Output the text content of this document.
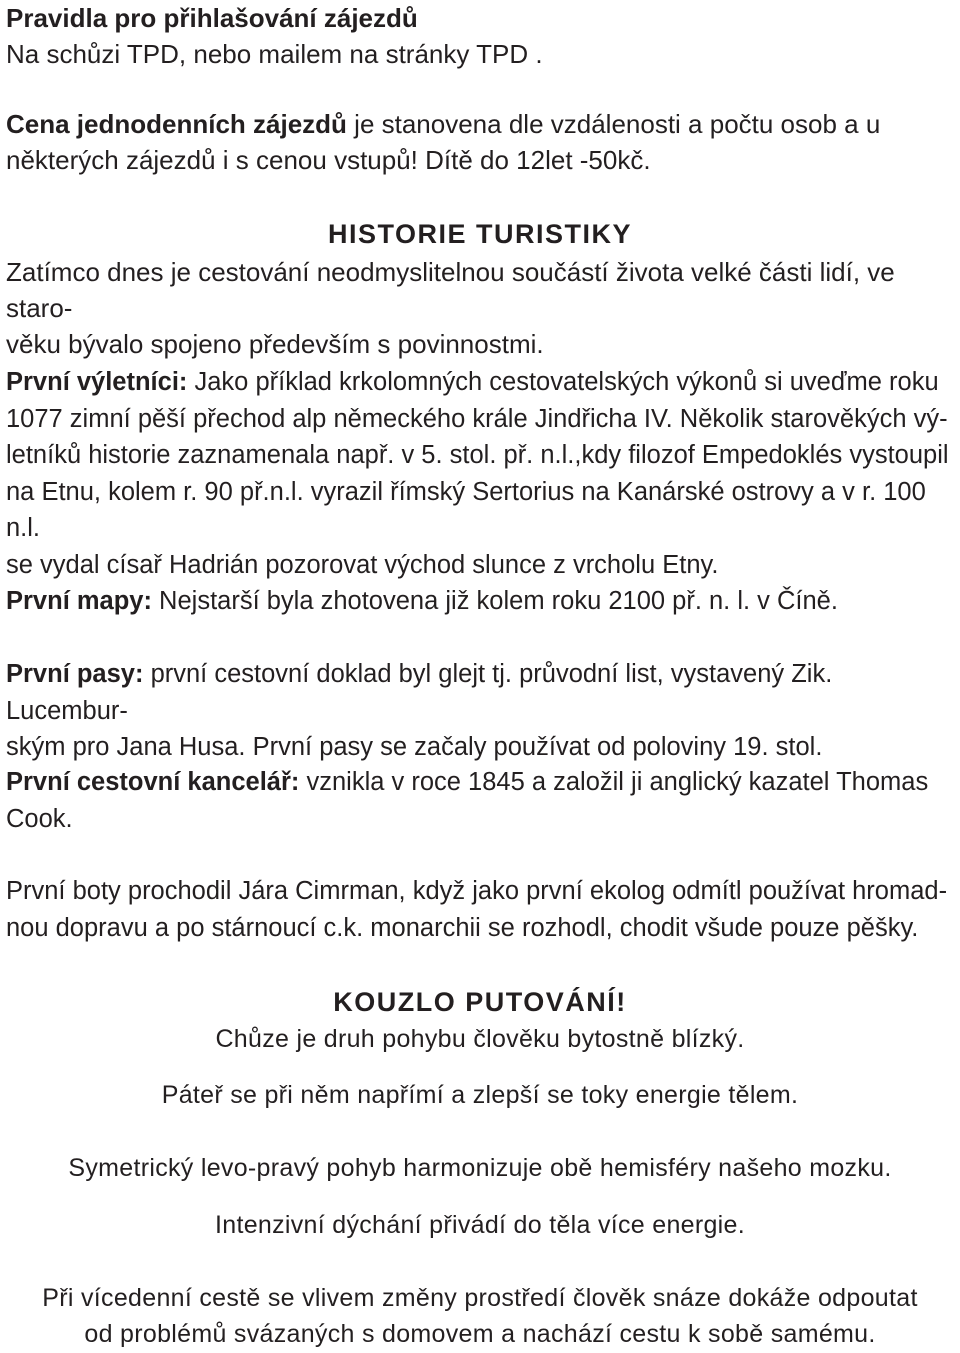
Pravidla pro přihlašování zájezdů

Na schůzi TPD, nebo mailem na stránky TPD .

Cena jednodenních zájezdů je stanovena dle vzdálenosti a počtu osob a u

některých zájezdů i s cenou vstupů! Dítě do 12let -50kč.

HISTORIE TURISTIKY

Zatímco dnes je cestování neodmyslitelnou součástí života velké části lidí, ve staro-

věku bývalo spojeno především s povinnostmi.

První výletníci: Jako příklad krkolomných cestovatelských výkonů si uveďme roku

1077 zimní pěší přechod alp německého krále Jindřicha IV. Několik starověkých vý-

letníků historie zaznamenala např. v 5. stol. př. n.l.,kdy filozof Empedoklés vystoupil

na Etnu, kolem r. 90 př.n.l. vyrazil římský Sertorius na Kanárské ostrovy a v r. 100 n.l.

se vydal císař Hadrián pozorovat východ slunce z vrcholu Etny.

První mapy: Nejstarší byla zhotovena již kolem roku 2100 př. n. l. v Číně.

První pasy: první cestovní doklad byl glejt tj. průvodní list, vystavený Zik. Lucembur-

ským pro Jana Husa. První pasy se začaly používat od poloviny 19. stol.

První cestovní kancelář: vznikla v roce 1845 a založil ji anglický kazatel Thomas

Cook.

První boty prochodil Jára Cimrman, když jako první ekolog odmítl používat hromad-

nou dopravu a po stárnoucí c.k. monarchii se rozhodl, chodit všude pouze pěšky.

KOUZLO PUTOVÁNÍ!
Chůze je druh pohybu člověku bytostně blízký.
Páteř se při něm napřímí a zlepší se toky energie tělem.
Symetrický levo-pravý pohyb harmonizuje obě hemisféry našeho mozku.
Intenzivní dýchání přivádí do těla více energie.
Při vícedenní cestě se vlivem změny prostředí člověk snáze dokáže odpoutat
od problémů svázaných s domovem a nachází cestu k sobě samému.
